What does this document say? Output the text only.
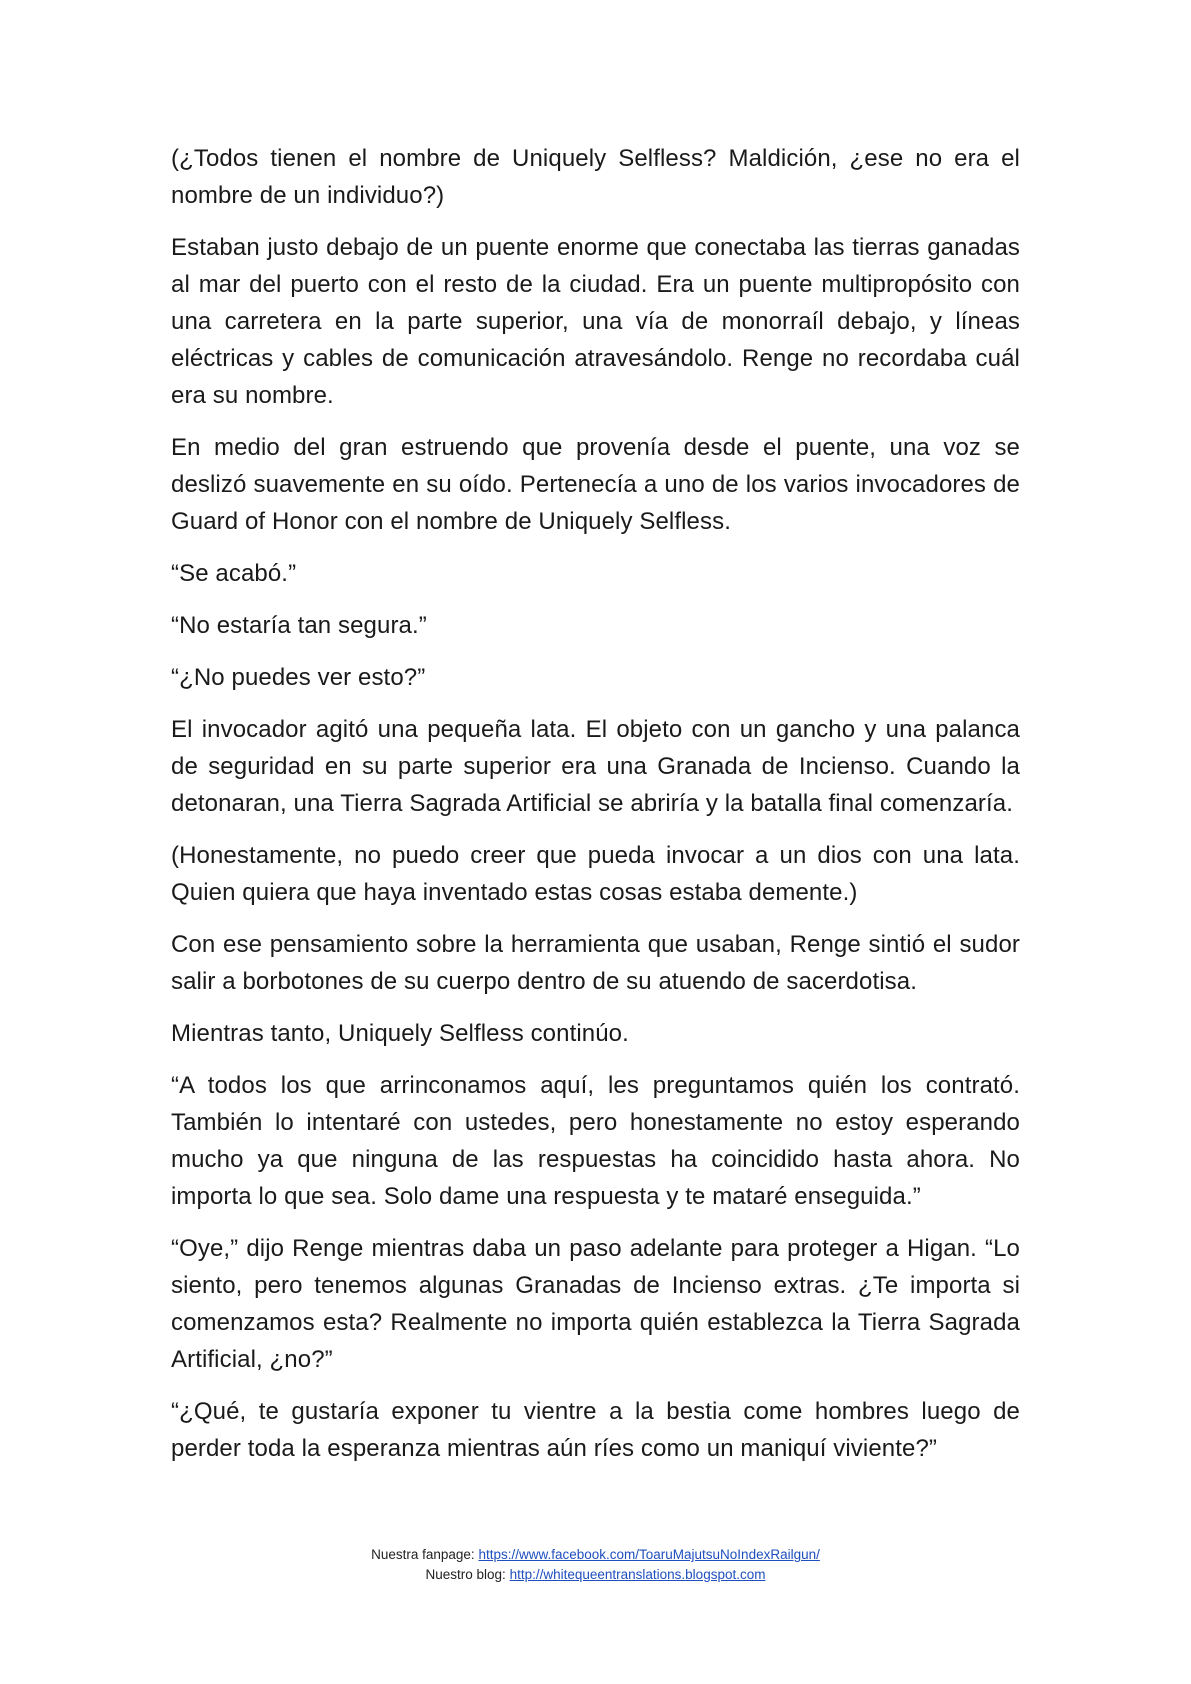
(¿Todos tienen el nombre de Uniquely Selfless? Maldición, ¿ese no era el nombre de un individuo?)

Estaban justo debajo de un puente enorme que conectaba las tierras ganadas al mar del puerto con el resto de la ciudad. Era un puente multipropósito con una carretera en la parte superior, una vía de monorraíl debajo, y líneas eléctricas y cables de comunicación atravesándolo. Renge no recordaba cuál era su nombre.

En medio del gran estruendo que provenía desde el puente, una voz se deslizó suavemente en su oído. Pertenecía a uno de los varios invocadores de Guard of Honor con el nombre de Uniquely Selfless.

“Se acabó.”

“No estaría tan segura.”

“¿No puedes ver esto?”

El invocador agitó una pequeña lata. El objeto con un gancho y una palanca de seguridad en su parte superior era una Granada de Incienso. Cuando la detonaran, una Tierra Sagrada Artificial se abriría y la batalla final comenzaría.

(Honestamente, no puedo creer que pueda invocar a un dios con una lata. Quien quiera que haya inventado estas cosas estaba demente.)

Con ese pensamiento sobre la herramienta que usaban, Renge sintió el sudor salir a borbotones de su cuerpo dentro de su atuendo de sacerdotisa.

Mientras tanto, Uniquely Selfless continúo.

“A todos los que arrinconamos aquí, les preguntamos quién los contrató. También lo intentaré con ustedes, pero honestamente no estoy esperando mucho ya que ninguna de las respuestas ha coincidido hasta ahora. No importa lo que sea. Solo dame una respuesta y te mataré enseguida.”

“Oye,” dijo Renge mientras daba un paso adelante para proteger a Higan. “Lo siento, pero tenemos algunas Granadas de Incienso extras. ¿Te importa si comenzamos esta? Realmente no importa quién establezca la Tierra Sagrada Artificial, ¿no?”

“¿Qué, te gustaría exponer tu vientre a la bestia come hombres luego de perder toda la esperanza mientras aún ríes como un maniquí viviente?”

Nuestra fanpage: https://www.facebook.com/ToaruMajutsuNoIndexRailgun/
Nuestro blog: http://whitequeentranslations.blogspot.com
